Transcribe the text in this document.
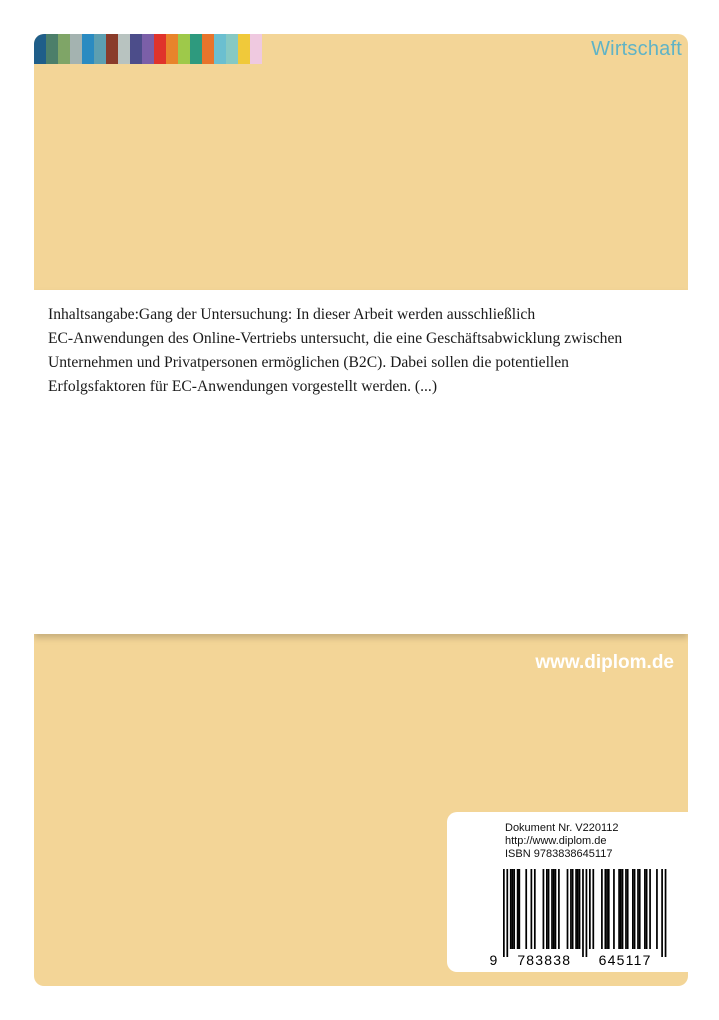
Wirtschaft

Inhaltsangabe:Gang der Untersuchung: In dieser Arbeit werden ausschließlich
EC-Anwendungen des Online-Vertriebs untersucht, die eine Geschäftsabwicklung zwischen
Unternehmen und Privatpersonen ermöglichen (B2C). Dabei sollen die potentiellen
Erfolgsfaktoren für EC-Anwendungen vorgestellt werden. (...)

www.diplom.de
Dokument Nr. V220112
http://www.diplom.de
ISBN 9783838645117
9 783838 645117
